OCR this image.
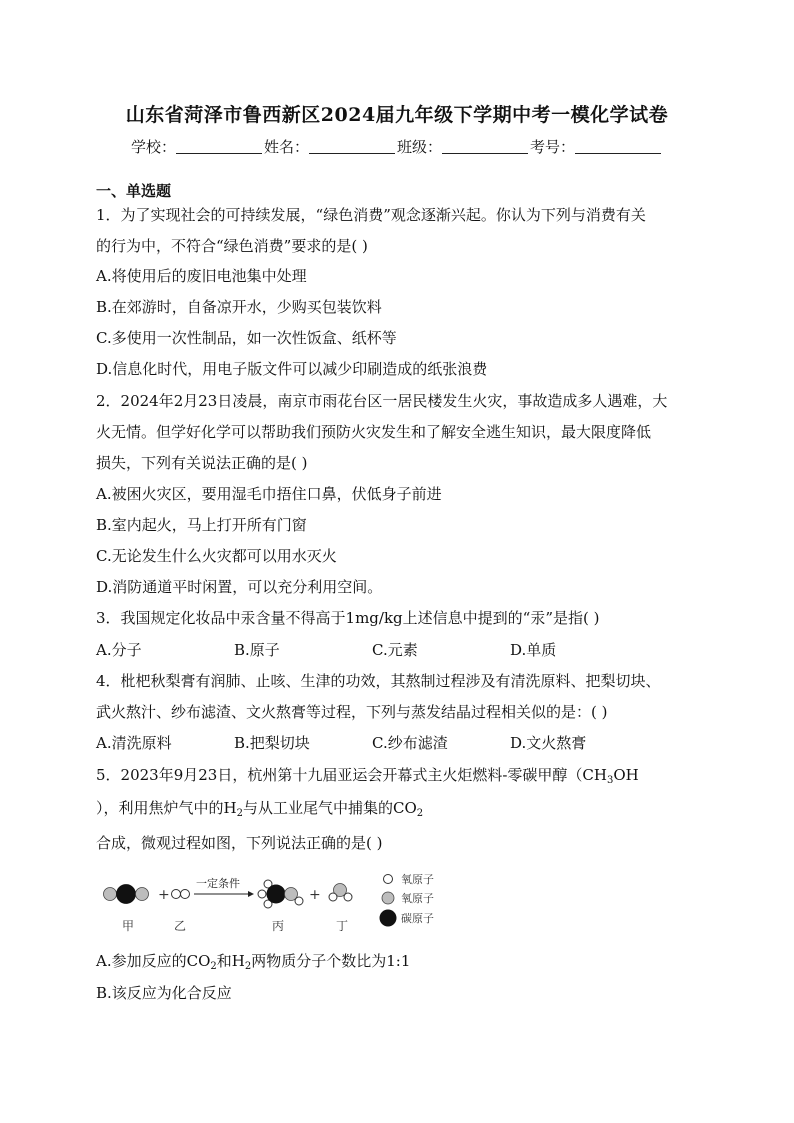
山东省菏泽市鲁西新区2024届九年级下学期中考一模化学试卷
学校：	姓名：	班级：	考号：
一、单选题
1．为了实现社会的可持续发展，“绿色消费”观念逐渐兴起。你认为下列与消费有关
的行为中，不符合“绿色消费”要求的是( )
A.将使用后的废旧电池集中处理
B.在郊游时，自备凉开水，少购买包装饮料
C.多使用一次性制品，如一次性饭盒、纸杯等
D.信息化时代，用电子版文件可以减少印刷造成的纸张浪费
2．2024年2月23日凌晨，南京市雨花台区一居民楼发生火灾，事故造成多人遇难，大
火无情。但学好化学可以帮助我们预防火灾发生和了解安全逃生知识，最大限度降低
损失，下列有关说法正确的是( )
A.被困火灾区，要用湿毛巾捂住口鼻，伏低身子前进
B.室内起火，马上打开所有门窗
C.无论发生什么火灾都可以用水灭火
D.消防通道平时闲置，可以充分利用空间。
3．我国规定化妆品中汞含量不得高于1mg/kg上述信息中提到的“汞”是指( )
A.分子	B.原子	C.元素	D.单质
4．枇杷秋梨膏有润肺、止咳、生津的功效，其熬制过程涉及有清洗原料、把梨切块、
武火熬汁、纱布滤渣、文火熬膏等过程，下列与蒸发结晶过程相关似的是：( )
A.清洗原料	B.把梨切块	C.纱布滤渣	D.文火熬膏
5．2023年9月23日，杭州第十九届亚运会开幕式主火炬燃料-零碳甲醇（$CH_3OH$
），利用焦炉气中的$H_2$与从工业尾气中捕集的$CO_2$
合成，微观过程如图，下列说法正确的是( )
+
一定条件
+
甲	乙	丙	丁
氧原子
氧原子
碳原子
A.参加反应的$CO_2$和$H_2$两物质分子个数比为1:1
B.该反应为化合反应
